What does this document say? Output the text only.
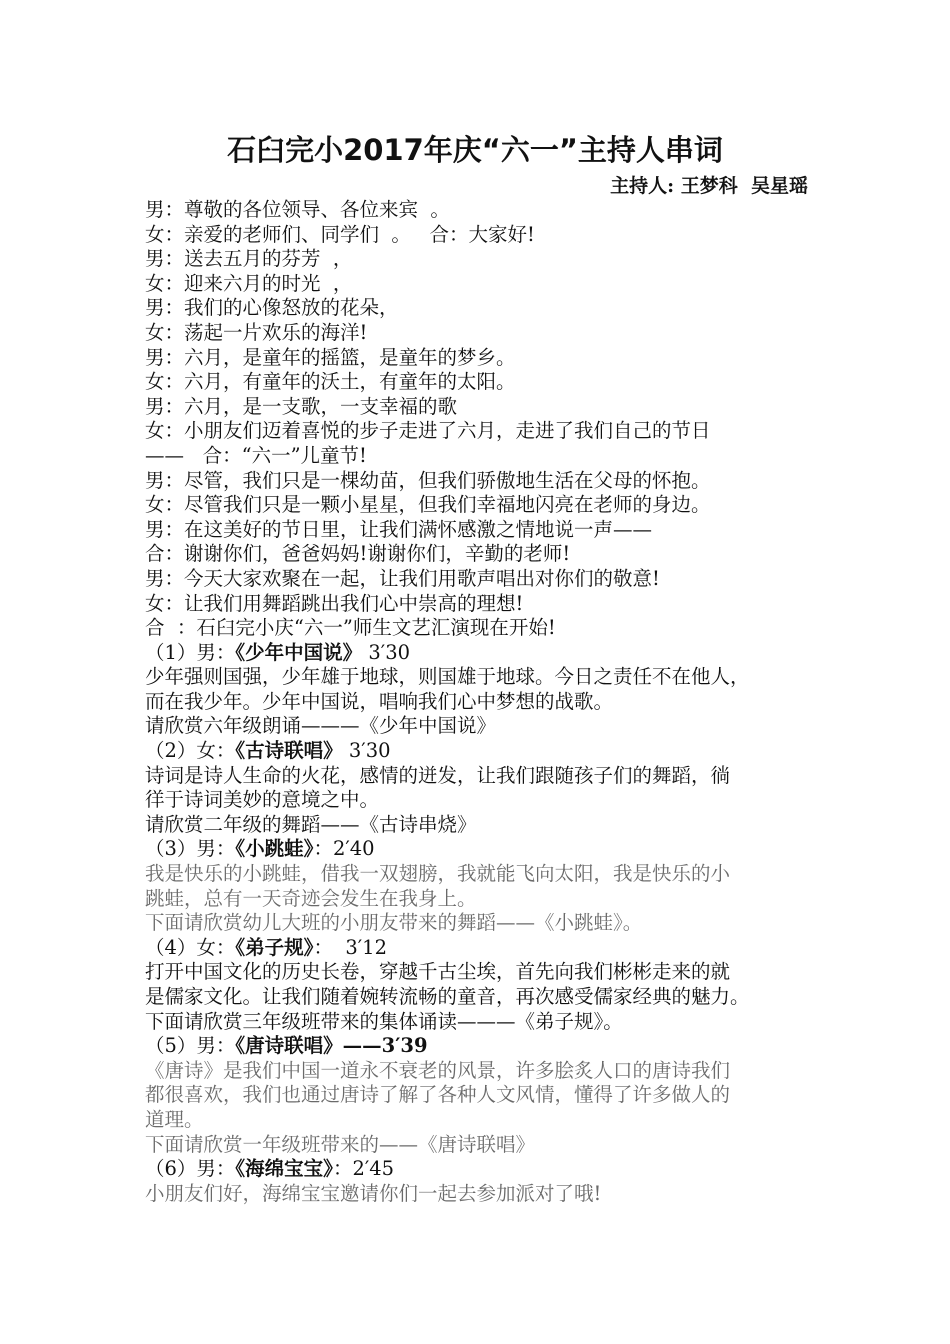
石臼完小2017年庆“六一”主持人串词
主持人: 王梦科  吴星瑶
男：尊敬的各位领导、各位来宾  。
女：亲爱的老师们、同学们  。   合：大家好!
男：送去五月的芬芳  ，
女：迎来六月的时光  ，
男：我们的心像怒放的花朵，
女：荡起一片欢乐的海洋!
男：六月，是童年的摇篮，是童年的梦乡。
女：六月，有童年的沃土，有童年的太阳。
男：六月，是一支歌，一支幸福的歌
女：小朋友们迈着喜悦的步子走进了六月，走进了我们自己的节日
——   合：“六一”儿童节!
男：尽管，我们只是一棵幼苗，但我们骄傲地生活在父母的怀抱。
女：尽管我们只是一颗小星星，但我们幸福地闪亮在老师的身边。
男：在这美好的节日里，让我们满怀感激之情地说一声——
合：谢谢你们，爸爸妈妈!谢谢你们，辛勤的老师!
男：今天大家欢聚在一起，让我们用歌声唱出对你们的敬意!
女：让我们用舞蹈跳出我们心中崇高的理想!
合  ：石臼完小庆“六一”师生文艺汇演现在开始!
（1）男：《少年中国说》 3′30
少年强则国强，少年雄于地球，则国雄于地球。今日之责任不在他人，
而在我少年。少年中国说，唱响我们心中梦想的战歌。
请欣赏六年级朗诵———《少年中国说》
（2）女：《古诗联唱》 3′30
诗词是诗人生命的火花，感情的迸发，让我们跟随孩子们的舞蹈，徜
徉于诗词美妙的意境之中。
请欣赏二年级的舞蹈——《古诗串烧》
（3）男：《小跳蛙》：2′40
我是快乐的小跳蛙，借我一双翅膀，我就能飞向太阳，我是快乐的小
跳蛙，总有一天奇迹会发生在我身上。
下面请欣赏幼儿大班的小朋友带来的舞蹈——《小跳蛙》。
（4）女：《弟子规》：  3′12
打开中国文化的历史长卷，穿越千古尘埃，首先向我们彬彬走来的就
是儒家文化。让我们随着婉转流畅的童音，再次感受儒家经典的魅力。
下面请欣赏三年级班带来的集体诵读———《弟子规》。
（5）男：《唐诗联唱》——3′39
《唐诗》是我们中国一道永不衰老的风景，许多脍炙人口的唐诗我们
都很喜欢，我们也通过唐诗了解了各种人文风情，懂得了许多做人的
道理。
下面请欣赏一年级班带来的——《唐诗联唱》
（6）男：《海绵宝宝》：2′45
小朋友们好，海绵宝宝邀请你们一起去参加派对了哦!
